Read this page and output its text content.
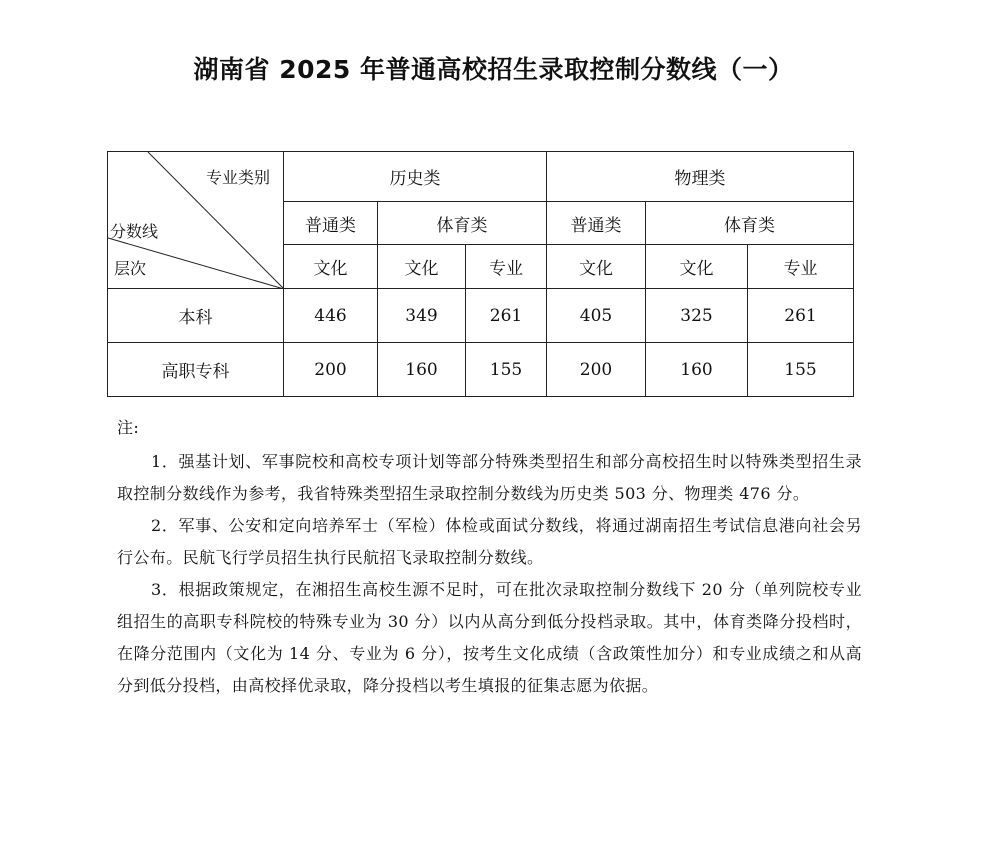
湖南省 2025 年普通高校招生录取控制分数线（一）
专业类别
分数线
层次	历史类			物理类		
	普通类	体育类		普通类	体育类	
	文化	文化	专业	文化	文化	专业
本科	446	349	261	405	325	261
高职专科	200	160	155	200	160	155

注:

1．强基计划、军事院校和高校专项计划等部分特殊类型招生和部分高校招生时以特殊类型招生录取控制分数线作为参考，我省特殊类型招生录取控制分数线为历史类 503 分、物理类 476 分。

2．军事、公安和定向培养军士（军检）体检或面试分数线，将通过湖南招生考试信息港向社会另行公布。民航飞行学员招生执行民航招飞录取控制分数线。

3．根据政策规定，在湘招生高校生源不足时，可在批次录取控制分数线下 20 分（单列院校专业组招生的高职专科院校的特殊专业为 30 分）以内从高分到低分投档录取。其中，体育类降分投档时，在降分范围内（文化为 14 分、专业为 6 分），按考生文化成绩（含政策性加分）和专业成绩之和从高分到低分投档，由高校择优录取，降分投档以考生填报的征集志愿为依据。
